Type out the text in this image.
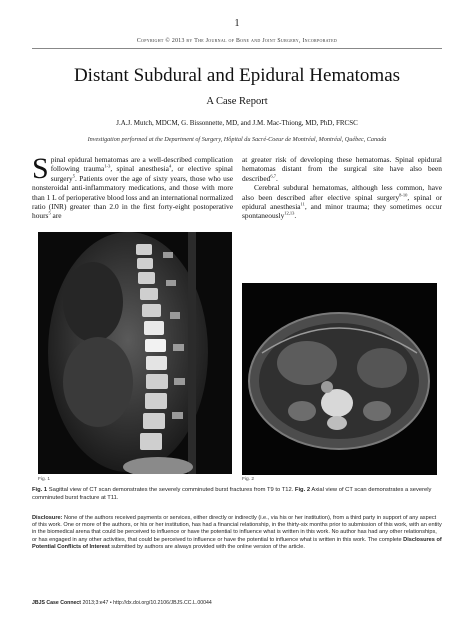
1
Copyright © 2013 by The Journal of Bone and Joint Surgery, Incorporated
Distant Subdural and Epidural Hematomas
A Case Report
J.A.J. Mutch, MDCM, G. Bissonnette, MD, and J.M. Mac-Thiong, MD, PhD, FRCSC
Investigation performed at the Department of Surgery, Hôpital du Sacré-Coeur de Montréal, Montréal, Québec, Canada

Spinal epidural hematomas are a well-described complication following trauma$^{1-3}$, spinal anesthesia$^4$, or elective spinal surgery$^5$. Patients over the age of sixty years, those who use nonsteroidal anti-inflammatory medications, and those with more than 1 L of perioperative blood loss and an international normalized ratio (INR) greater than 2.0 in the first forty-eight postoperative hours$^5$ are

at greater risk of developing these hematomas. Spinal epidural hematomas distant from the surgical site have also been described$^{6,7}$.

Cerebral subdural hematomas, although less common, have also been described after elective spinal surgery$^{8-10}$, spinal or epidural anesthesia$^{11}$, and minor trauma; they sometimes occur spontaneously$^{12,13}$.

Fig. 1	Fig. 2
Fig. 1 Sagittal view of CT scan demonstrates the severely comminuted burst fractures from T9 to T12. Fig. 2 Axial view of CT scan demonstrates a severely comminuted burst fracture at T11.
Disclosure: None of the authors received payments or services, either directly or indirectly (i.e., via his or her institution), from a third party in support of any aspect of this work. One or more of the authors, or his or her institution, has had a financial relationship, in the thirty-six months prior to submission of this work, with an entity in the biomedical arena that could be perceived to influence or have the potential to influence what is written in this work. No author has had any other relationships, or has engaged in any other activities, that could be perceived to influence or have the potential to influence what is written in this work. The complete Disclosures of Potential Conflicts of Interest submitted by authors are always provided with the online version of the article.
JBJS Case Connect 2013;3:e47 • http://dx.doi.org/10.2106/JBJS.CC.L.00044
